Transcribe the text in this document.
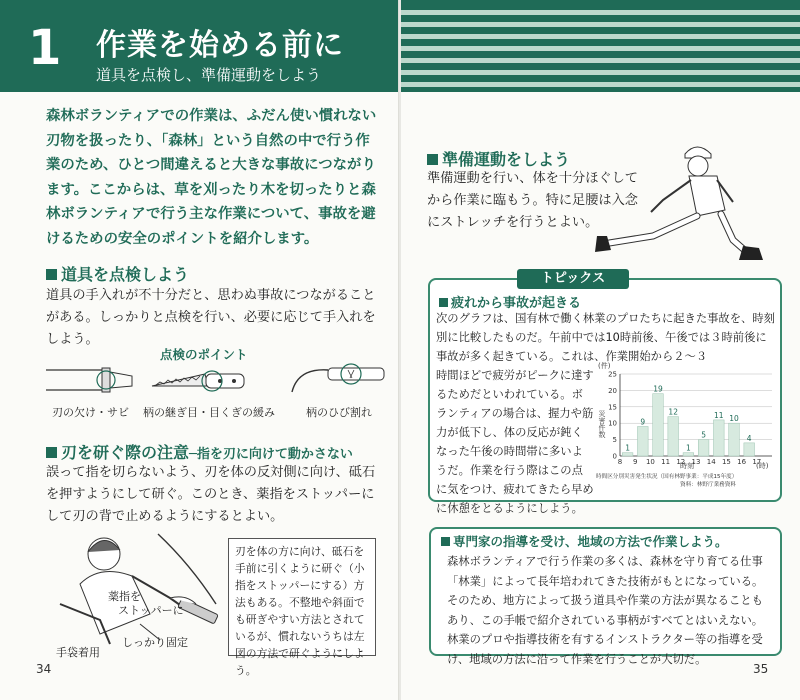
1 作業を始める前に
道具を点検し、準備運動をしよう
森林ボランティアでの作業は、ふだん使い慣れない刃物を扱ったり、「森林」という自然の中で行う作業のため、ひとつ間違えると大きな事故につながります。ここからは、草を刈ったり木を切ったりと森林ボランティアで行う主な作業について、事故を避けるための安全のポイントを紹介します。
道具を点検しよう
道具の手入れが不十分だと、思わぬ事故につながることがある。しっかりと点検を行い、必要に応じて手入れをしよう。
点検のポイント
刃の欠け・サビ 柄の継ぎ目・目くぎの緩み	柄のひび割れ
刃を研ぐ際の注意─指を刃に向けて動かさない
誤って指を切らないよう、刃を体の反対側に向け、砥石を押すようにして研ぐ。このとき、薬指をストッパーにして刃の背で止めるようにするとよい。
薬指を
ストッパーに
手袋着用
しっかり固定
刃を体の方に向け、砥石を手前に引くように研ぐ（小指をストッパーにする）方法もある。不整地や斜面でも研ぎやすい方法とされているが、慣れないうちは左図の方法で研ぐようにしよう。
34
準備運動をしよう
準備運動を行い、体を十分ほぐしてから作業に臨もう。特に足腰は入念にストレッチを行うとよい。
トピックス
疲れから事故が起きる
次のグラフは、国有林で働く林業のプロたちに起きた事故を、時刻別に比較したものだ。午前中では10時前後、午後では３時前後に事故が多く起きている。これは、作業開始から２〜３
時間ほどで疲労がピークに達するためだといわれている。ボランティアの場合は、握力や筋力が低下し、体の反応が鈍くなった午後の時間帯に多いようだ。作業を行う際はこの点に気をつけ、疲れてきたら早めに休憩をとるようにしよう。
(件)
災害件数
0
5
10
15
20
25
1
9
19
12
1
5
11 10
4
8 9 10 11 12 13 14 15 16 17
時刻	(時)
時間区分別災害発生状況（国有林野事業：平成15年度）
資料：林野庁業務資料
専門家の指導を受け、地域の方法で作業しよう。
森林ボランティアで行う作業の多くは、森林を守り育てる仕事「林業」によって長年培われてきた技術がもとになっている。そのため、地方によって扱う道具や作業の方法が異なることもあり、この手帳で紹介されている事柄がすべてとはいえない。林業のプロや指導技術を有するインストラクター等の指導を受け、地域の方法に沿って作業を行うことが大切だ。
35
